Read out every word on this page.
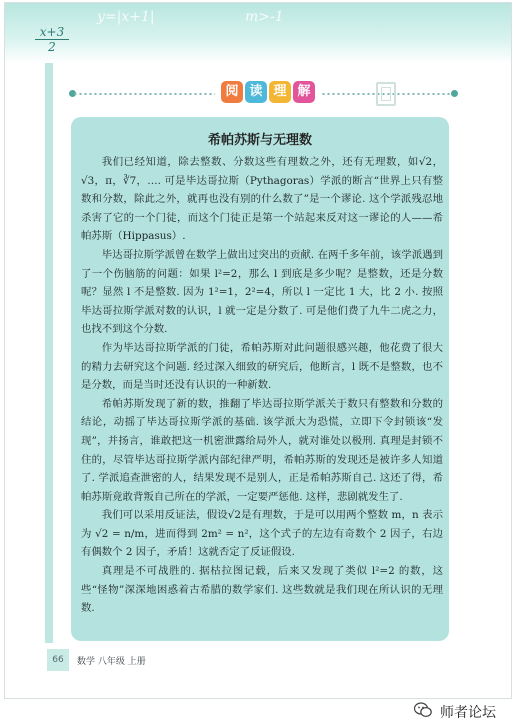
$\frac{x+3}{2}$
y=|x+1|	m>-1
阅 读 理 解
希帕苏斯与无理数

我们已经知道，除去整数、分数这些有理数之外，还有无理数，如√2，√3，π，∛7，…. 可是毕达哥拉斯（Pythagoras）学派的断言“世界上只有整数和分数，除此之外，就再也没有别的什么数了”是一个谬论. 这个学派残忍地杀害了它的一个门徒，而这个门徒正是第一个站起来反对这一谬论的人——希帕苏斯（Hippasus）.

毕达哥拉斯学派曾在数学上做出过突出的贡献. 在两千多年前，该学派遇到了一个伤脑筋的问题：如果 l²=2，那么 l 到底是多少呢？是整数，还是分数呢？显然 l 不是整数. 因为 1²=1，2²=4，所以 l 一定比 1 大，比 2 小. 按照毕达哥拉斯学派对数的认识，l 就一定是分数了. 可是他们费了九牛二虎之力，也找不到这个分数.

作为毕达哥拉斯学派的门徒，希帕苏斯对此问题很感兴趣，他花费了很大的精力去研究这个问题. 经过深入细致的研究后，他断言，l 既不是整数，也不是分数，而是当时还没有认识的一种新数.

希帕苏斯发现了新的数，推翻了毕达哥拉斯学派关于数只有整数和分数的结论，动摇了毕达哥拉斯学派的基础. 该学派大为恐慌，立即下令封锁该“发现”，并扬言，谁敢把这一机密泄露给局外人，就对谁处以极刑. 真理是封锁不住的，尽管毕达哥拉斯学派内部纪律严明，希帕苏斯的发现还是被许多人知道了. 学派追查泄密的人，结果发现不是别人，正是希帕苏斯自己. 这还了得，希帕苏斯竟敢背叛自己所在的学派，一定要严惩他. 这样，悲剧就发生了.

我们可以采用反证法，假设√2是有理数，于是可以用两个整数 m，n 表示为 √2 = n/m，进而得到 2m² = n²，这个式子的左边有奇数个 2 因子，右边有偶数个 2 因子，矛盾！这就否定了反证假设.

真理是不可战胜的. 据枯拉图记载，后来又发现了类似 l²=2 的数，这些“怪物”深深地困惑着古希腊的数学家们. 这些数就是我们现在所认识的无理数.

66	数学 八年级 上册
师者论坛
